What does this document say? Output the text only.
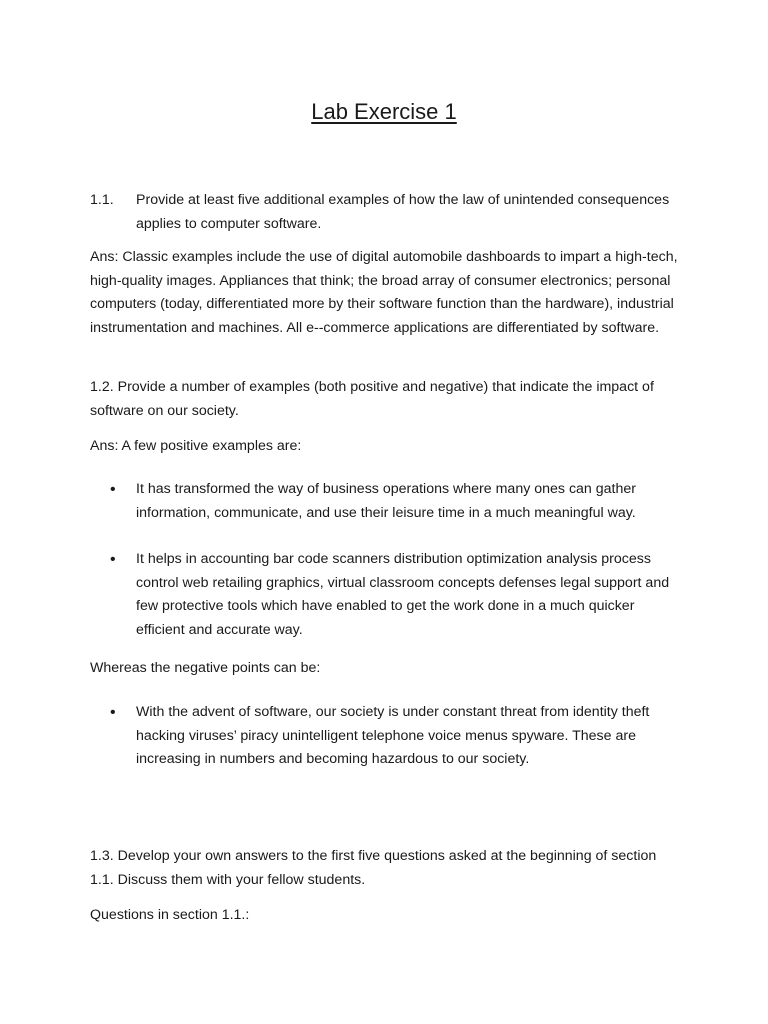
Lab Exercise 1
1.1. Provide at least five additional examples of how the law of unintended consequences applies to computer software.

Ans: Classic examples include the use of digital automobile dashboards to impart a high-tech, high-quality images. Appliances that think; the broad array of consumer electronics; personal computers (today, differentiated more by their software function than the hardware), industrial instrumentation and machines. All e--commerce applications are differentiated by software.

1.2. Provide a number of examples (both positive and negative) that indicate the impact of software on our society.

Ans: A few positive examples are:

• It has transformed the way of business operations where many ones can gather information, communicate, and use their leisure time in a much meaningful way.
• It helps in accounting bar code scanners distribution optimization analysis process control web retailing graphics, virtual classroom concepts defenses legal support and few protective tools which have enabled to get the work done in a much quicker efficient and accurate way.

Whereas the negative points can be:

• With the advent of software, our society is under constant threat from identity theft hacking viruses’ piracy unintelligent telephone voice menus spyware. These are increasing in numbers and becoming hazardous to our society.

1.3. Develop your own answers to the first five questions asked at the beginning of section 1.1. Discuss them with your fellow students.

Questions in section 1.1.:
